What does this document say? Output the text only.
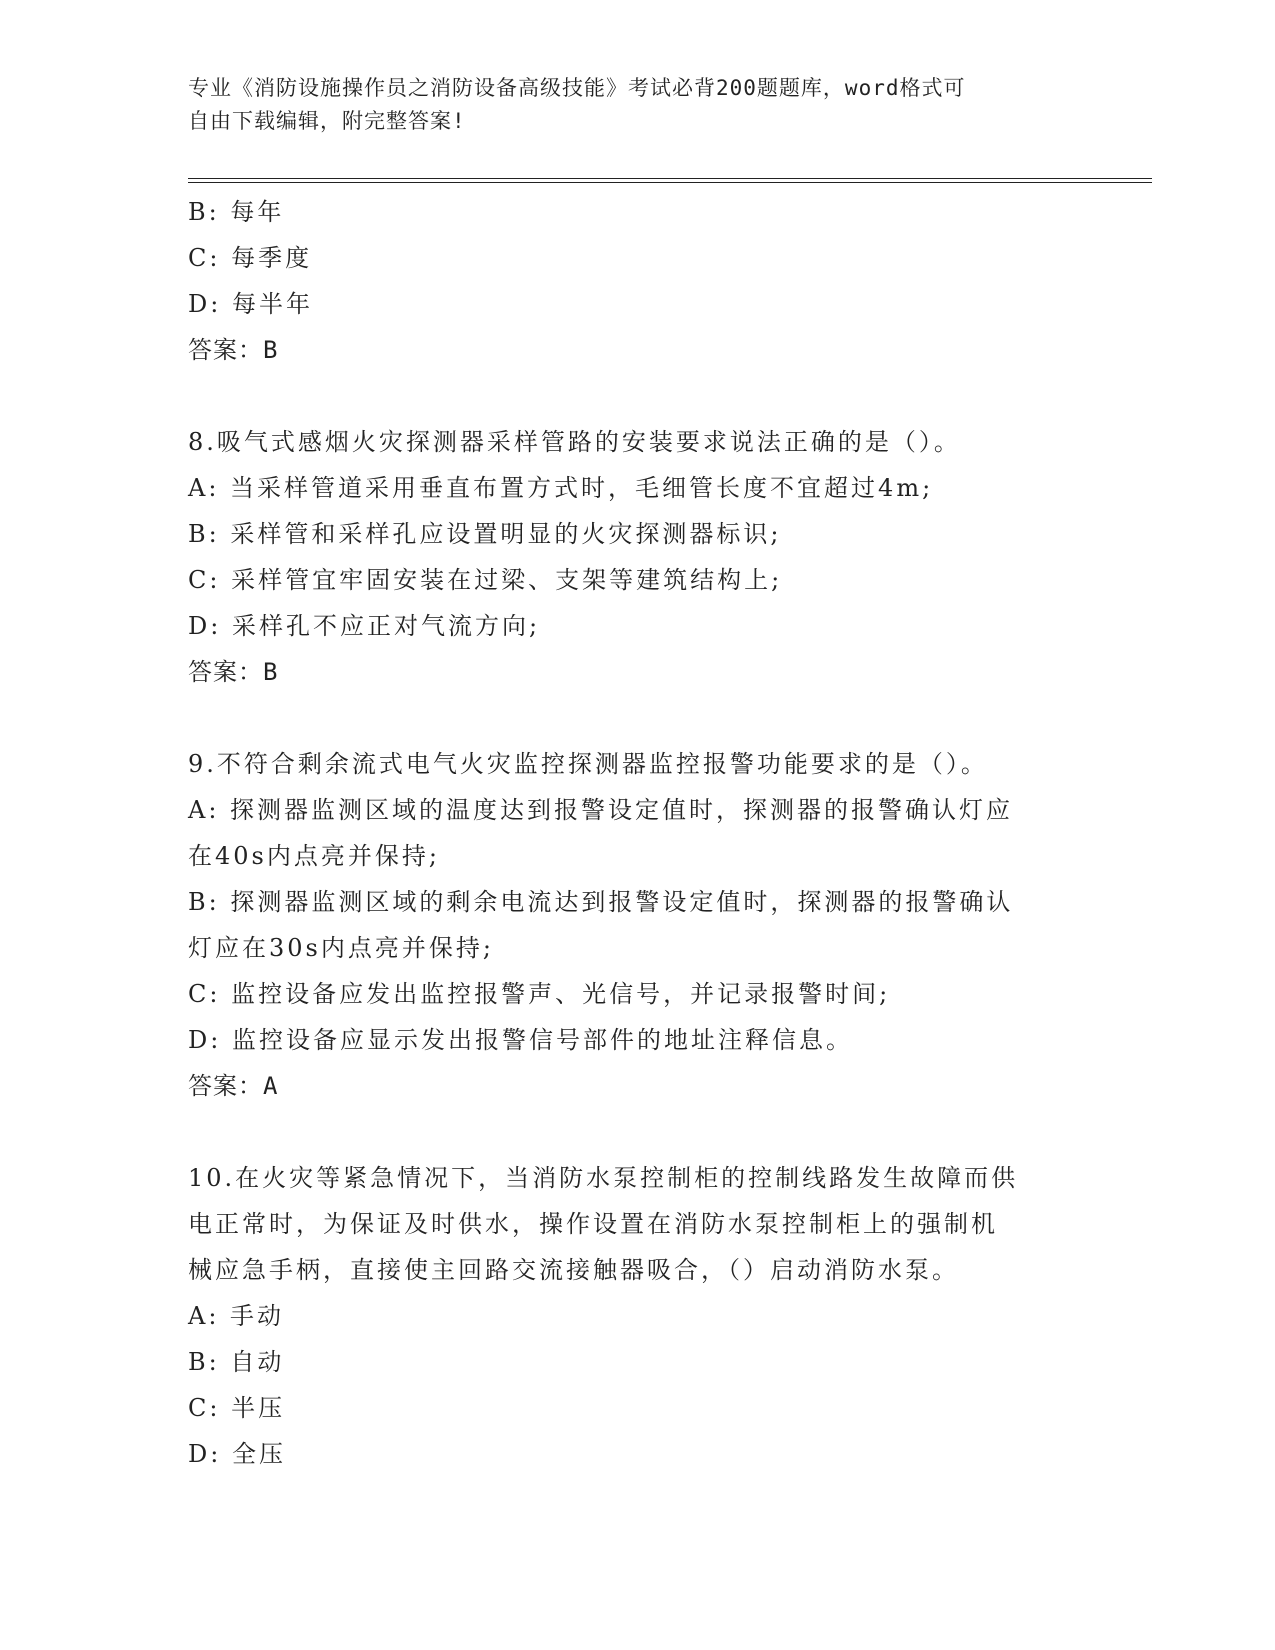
专业《消防设施操作员之消防设备高级技能》考试必背200题题库，word格式可
自由下载编辑，附完整答案!
B: 每年
C: 每季度
D: 每半年
答案：B
8.吸气式感烟火灾探测器采样管路的安装要求说法正确的是（）。
A: 当采样管道采用垂直布置方式时，毛细管长度不宜超过4m;
B: 采样管和采样孔应设置明显的火灾探测器标识;
C: 采样管宜牢固安装在过梁、支架等建筑结构上;
D: 采样孔不应正对气流方向;
答案：B
9.不符合剩余流式电气火灾监控探测器监控报警功能要求的是（）。
A: 探测器监测区域的温度达到报警设定值时，探测器的报警确认灯应
在40s内点亮并保持;
B: 探测器监测区域的剩余电流达到报警设定值时，探测器的报警确认
灯应在30s内点亮并保持;
C: 监控设备应发出监控报警声、光信号，并记录报警时间;
D: 监控设备应显示发出报警信号部件的地址注释信息。
答案：A
10.在火灾等紧急情况下，当消防水泵控制柜的控制线路发生故障而供
电正常时，为保证及时供水，操作设置在消防水泵控制柜上的强制机
械应急手柄，直接使主回路交流接触器吸合，（）启动消防水泵。
A: 手动
B: 自动
C: 半压
D: 全压
